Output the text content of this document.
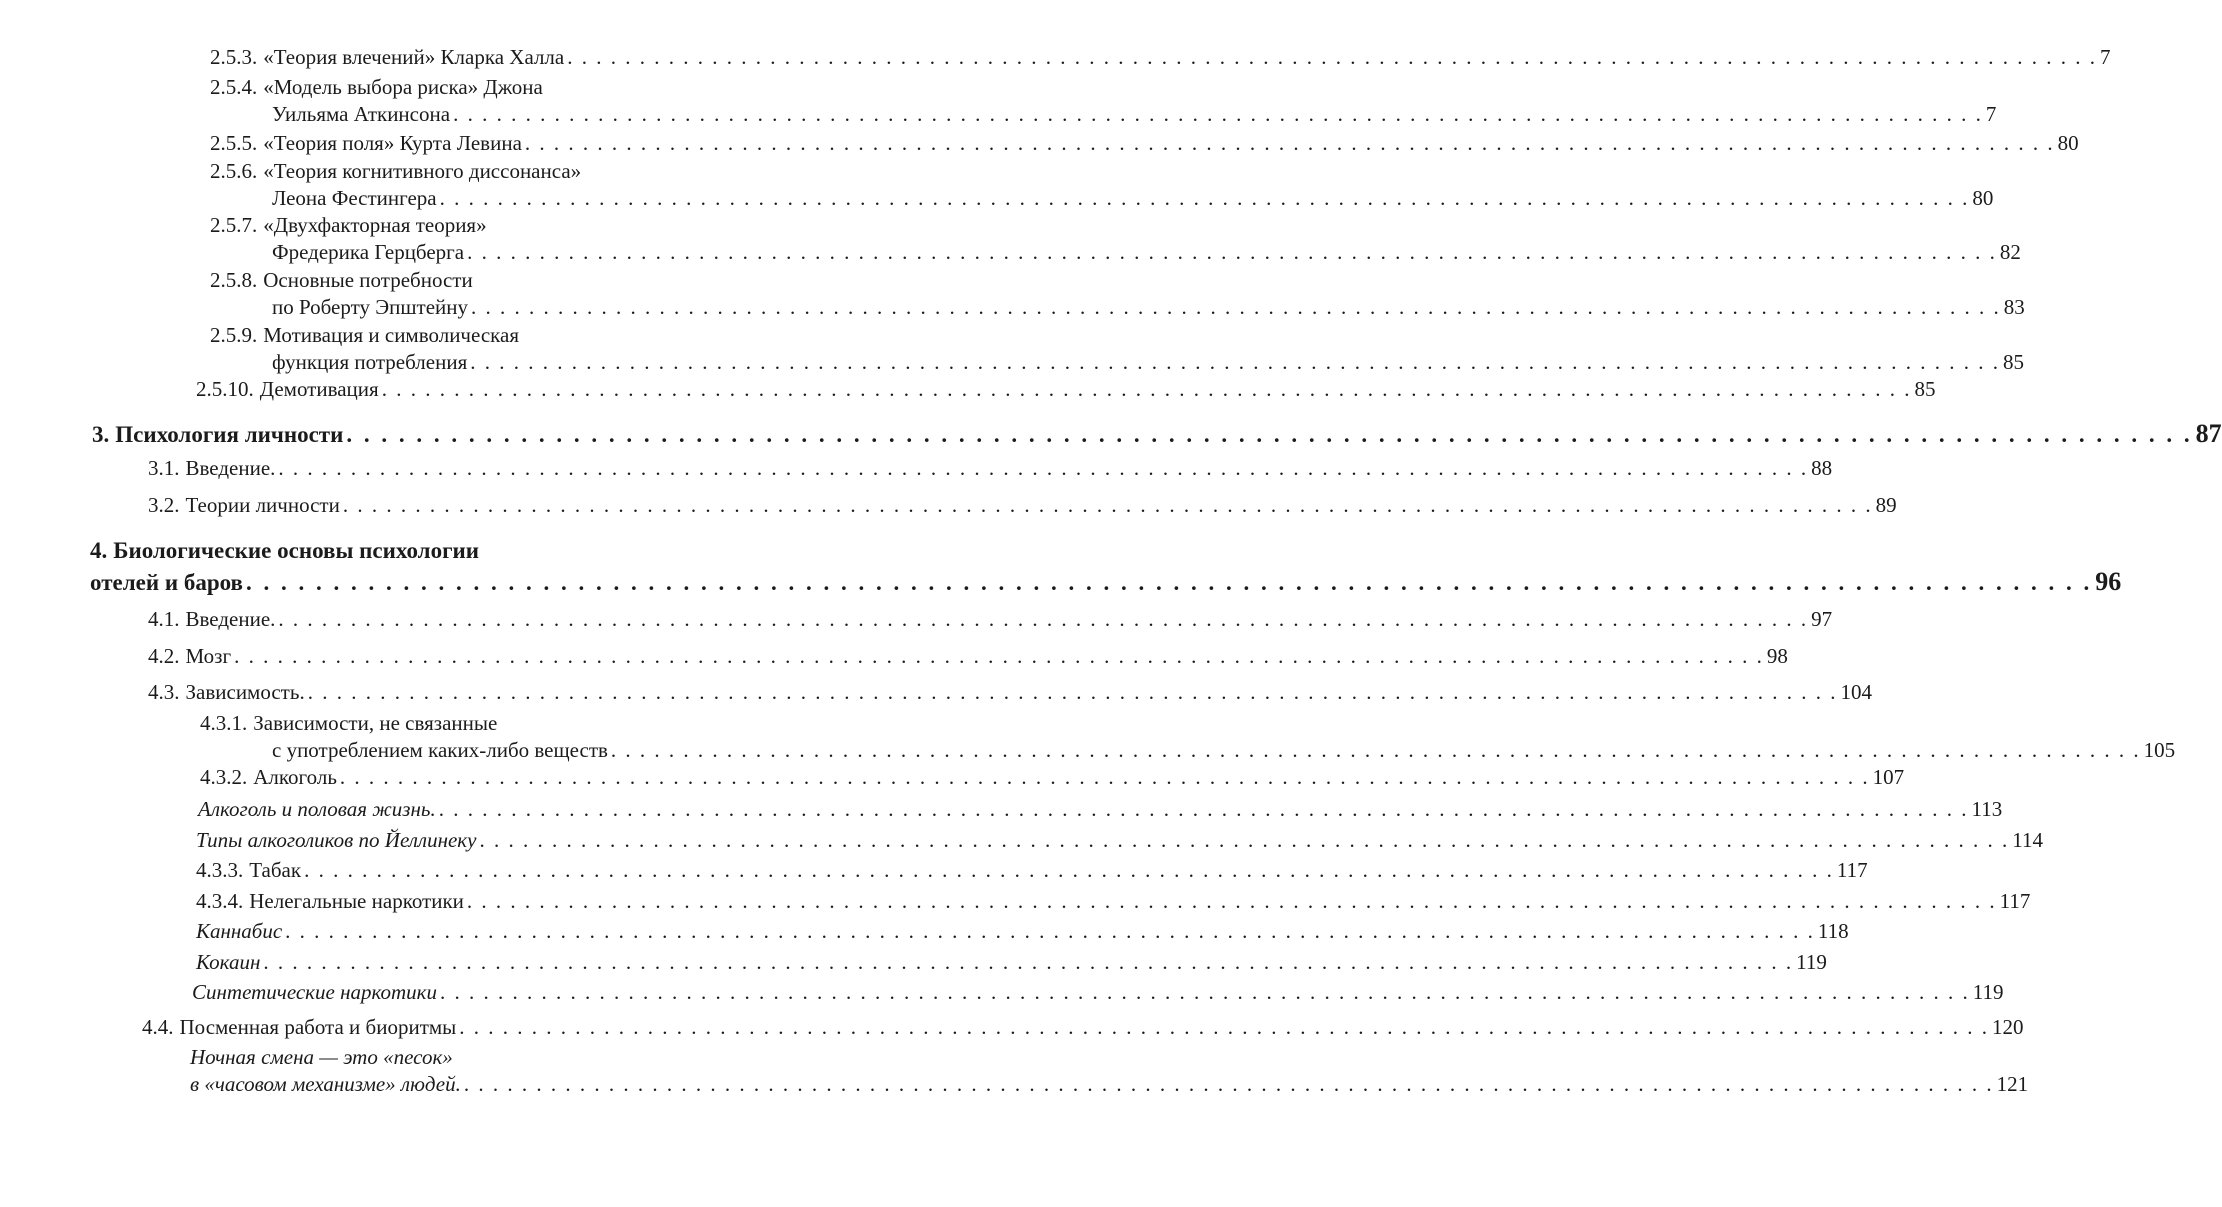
2.5.3. «Теория влечений» Кларка Халла . . .	7
2.5.4. «Модель выбора риска» Джона
Уильяма Аткинсона . . .	7
2.5.5. «Теория поля» Курта Левина . . .	80
2.5.6. «Теория когнитивного диссонанса»
Леона Фестингера . . .	80
2.5.7. «Двухфакторная теория»
Фредерика Герцберга . . .	82
2.5.8. Основные потребности
по Роберту Эпштейну . . .	83
2.5.9. Мотивация и символическая
функция потребления . . .	85
2.5.10. Демотивация . . .	85
3. Психология личности . . .	87
3.1. Введение. . . .	88
3.2. Теории личности . . .	89
4. Биологические основы психологии
отелей и баров . . .	96
4.1. Введение. . . .	97
4.2. Мозг . . .	98
4.3. Зависимость. . . .	104
4.3.1. Зависимости, не связанные
с употреблением каких-либо веществ . . .	105
4.3.2. Алкоголь . . .	107
Алкоголь и половая жизнь. . . .	113
Типы алкоголиков по Йеллинеку . . .	114
4.3.3. Табак . . .	117
4.3.4. Нелегальные наркотики . . .	117
Каннабис . . .	118
Кокаин . . .	119
Синтетические наркотики . . .	119
4.4. Посменная работа и биоритмы . . .	120
Ночная смена — это «песок»
в «часовом механизме» людей. . . .	121
